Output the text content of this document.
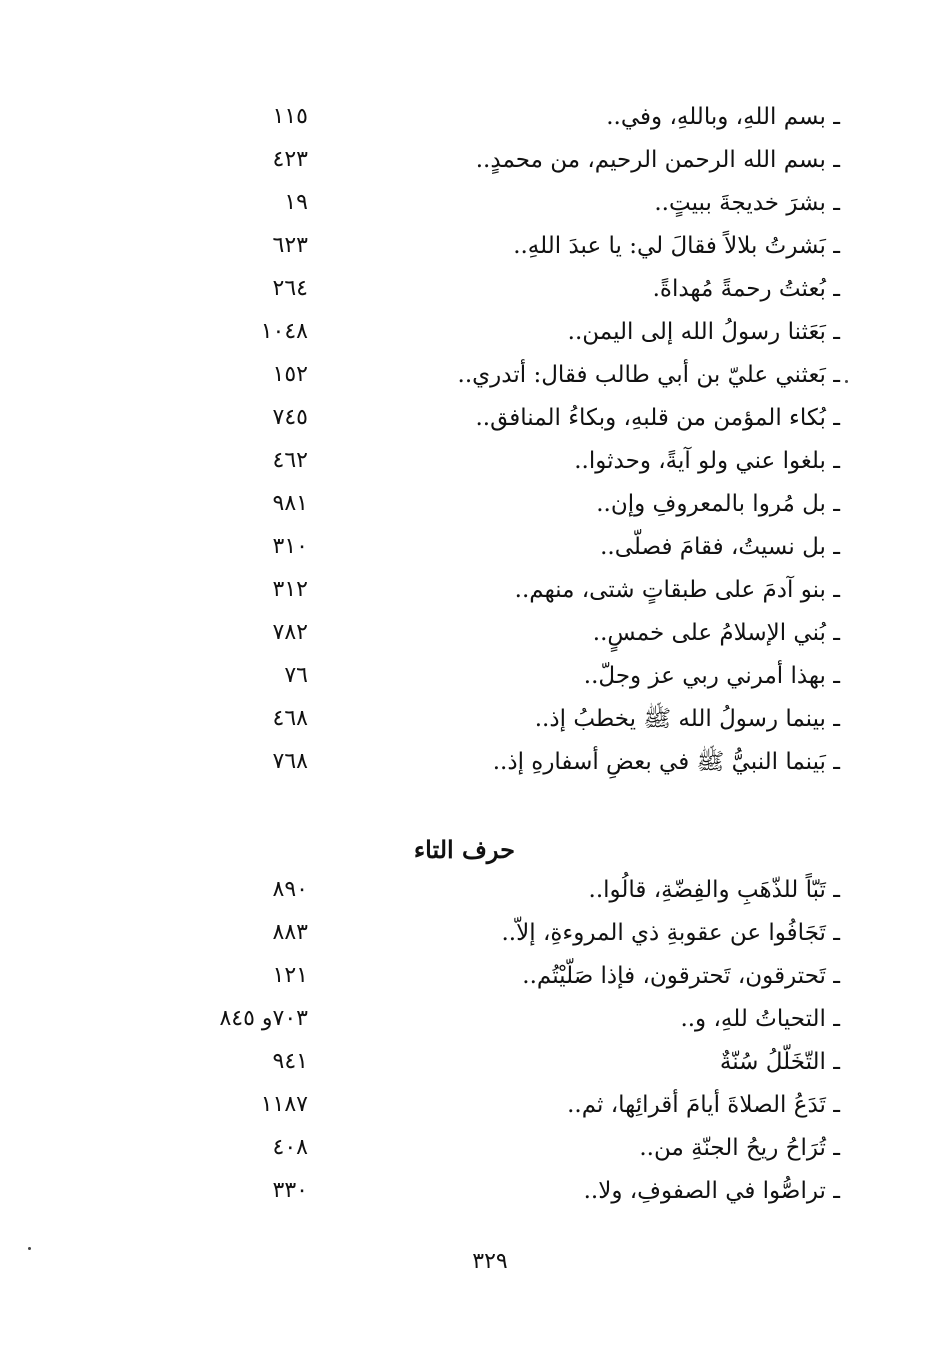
ـ بسم اللهِ، وباللهِ، وفي..
١١٥
ـ بسم الله الرحمن الرحيم، من محمدٍ..
٤٢٣
ـ بشرَ خديجةَ ببيتٍ..
١٩
ـ بَشرتُ بلالاً فقالَ لي: يا عبدَ اللهِ..
٦٢٣
ـ بُعثتُ رحمةً مُهداةً.
٢٦٤
ـ بَعَثنا رسولُ الله إلى اليمن..
١٠٤٨
ـ بَعثني عليّ بن أبي طالب فقال: أتدري..
١٥٢
ـ بُكاء المؤمن من قلبهِ، وبكاءُ المنافق..
٧٤٥
ـ بلغوا عني ولو آيةً، وحدثوا..
٤٦٢
ـ بل مُروا بالمعروفِ وإن..
٩٨١
ـ بل نسيتُ، فقامَ فصلّى..
٣١٠
ـ بنو آدمَ على طبقاتٍ شتى، منهم..
٣١٢
ـ بُني الإسلامُ على خمسٍ..
٧٨٢
ـ بهذا أمرني ربي عز وجلّ..
٧٦
ـ بينما رسولُ الله ﷺ يخطبُ إذ..
٤٦٨
ـ بَينما النبيُّ ﷺ في بعضِ أسفارهِ إذ..
٧٦٨
حرف التاء
ـ تَبّاً للذّهَبِ والفِضّةِ، قالُوا..
٨٩٠
ـ تَجَافُوا عن عقوبةِ ذي المروءةِ، إلاّ..
٨٨٣
ـ تَحترقون، تَحترقون، فإذا صَلّيْتُم..
١٢١
ـ التحياتُ للهِ، و..
٧٠٣و ٨٤٥
ـ التّخَلّلُ سُنّةٌ
٩٤١
ـ تَدَعُ الصلاةَ أيامَ أقرائِها، ثم..
١١٨٧
ـ تُرَاحُ ريحُ الجنّةِ من..
٤٠٨
ـ تراصُّوا في الصفوفِ، ولا..
٣٣٠
٣٢٩
